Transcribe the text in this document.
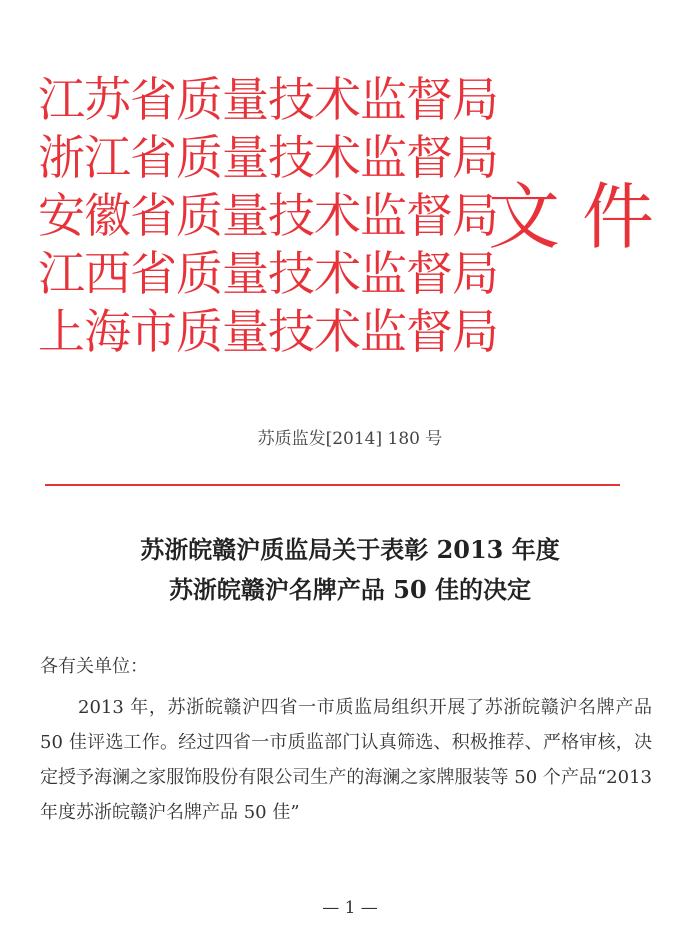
江苏省质量技术监督局
浙江省质量技术监督局
安徽省质量技术监督局
江西省质量技术监督局
上海市质量技术监督局
文件
苏质监发[2014] 180 号
苏浙皖赣沪质监局关于表彰 2013 年度
苏浙皖赣沪名牌产品 50 佳的决定
各有关单位：
2013 年，苏浙皖赣沪四省一市质监局组织开展了苏浙皖赣沪名牌产品 50 佳评选工作。经过四省一市质监部门认真筛选、积极推荐、严格审核，决定授予海澜之家服饰股份有限公司生产的海澜之家牌服装等 50 个产品“2013 年度苏浙皖赣沪名牌产品 50 佳”
— 1 —
